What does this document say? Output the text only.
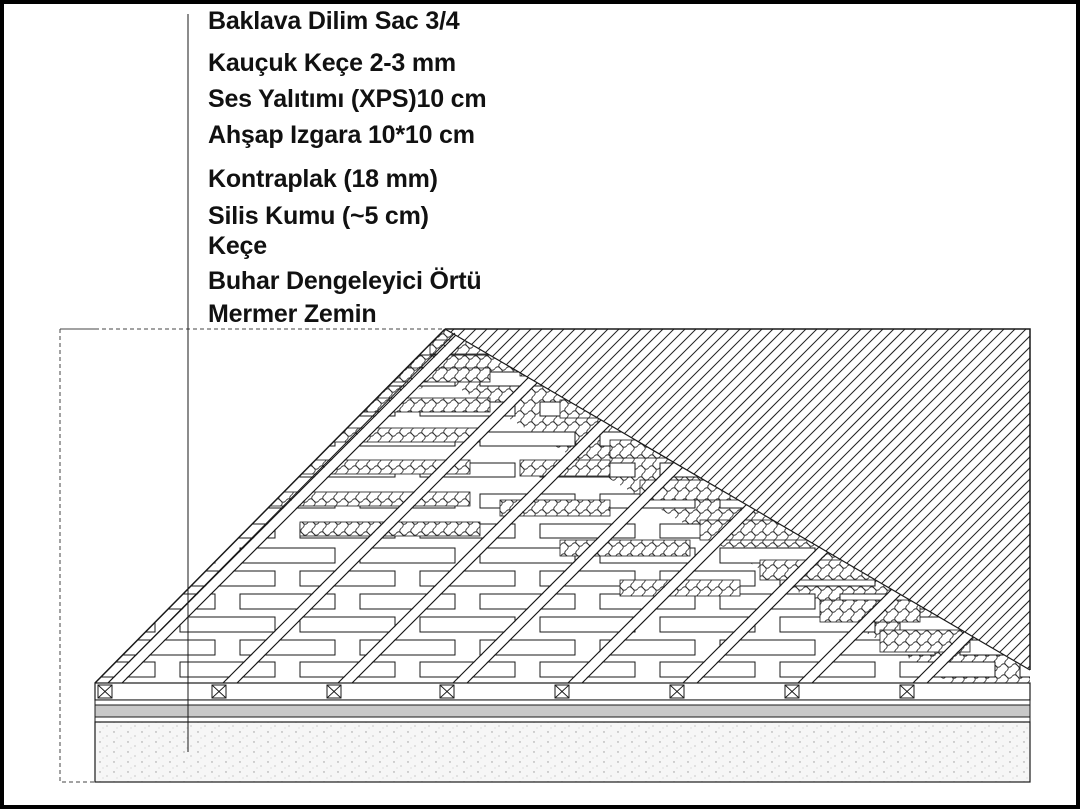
Baklava Dilim Sac 3/4
Kauçuk Keçe 2-3 mm
Ses Yalıtımı (XPS)10 cm
Ahşap Izgara 10*10 cm
Kontraplak (18 mm)
Silis Kumu (~5 cm)
Keçe
Buhar Dengeleyici Örtü
Mermer Zemin
